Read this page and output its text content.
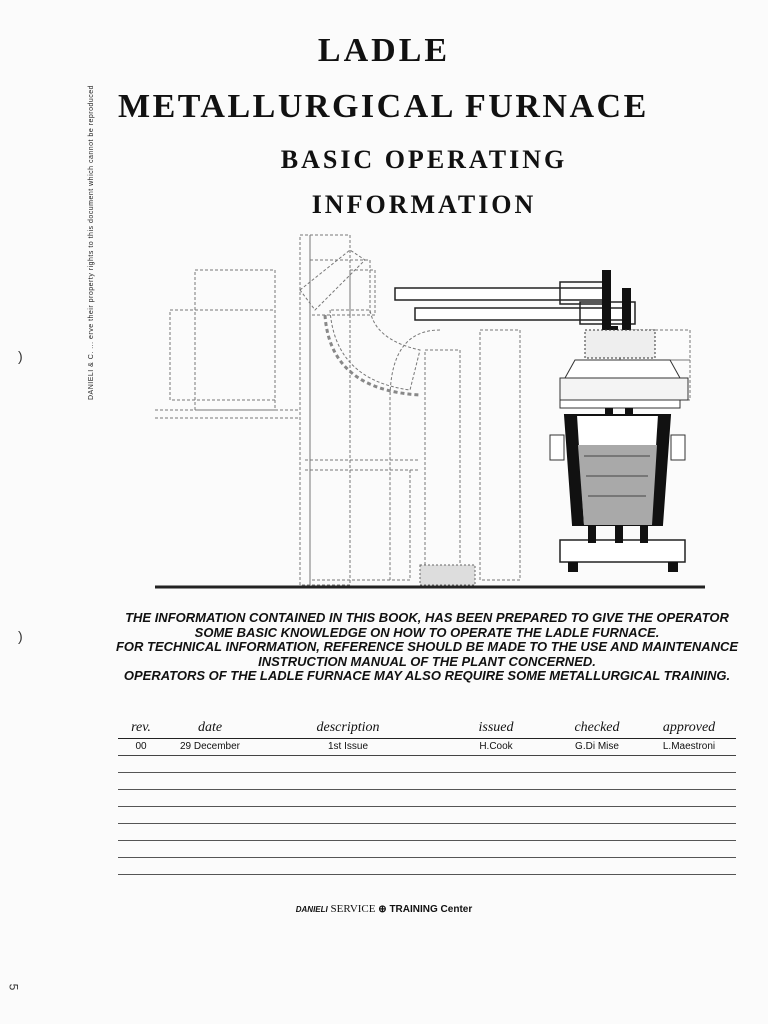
DANIELI & C. ... erve their property rights to this document which cannot be reproduced
LADLE
METALLURGICAL FURNACE
BASIC OPERATING
INFORMATION

THE INFORMATION CONTAINED IN THIS BOOK, HAS BEEN PREPARED TO GIVE THE OPERATOR SOME BASIC KNOWLEDGE ON HOW TO OPERATE THE LADLE FURNACE.

FOR TECHNICAL INFORMATION, REFERENCE SHOULD BE MADE TO THE USE AND MAINTENANCE INSTRUCTION MANUAL OF THE PLANT CONCERNED.

OPERATORS OF THE LADLE FURNACE MAY ALSO REQUIRE SOME METALLURGICAL TRAINING.

rev.	date	description	issued	checked	approved
00	29 December	1st Issue	H.Cook	G.Di Mise	L.Maestroni
DANIELI SERVICE ⊕ TRAINING Center
)
)
5
